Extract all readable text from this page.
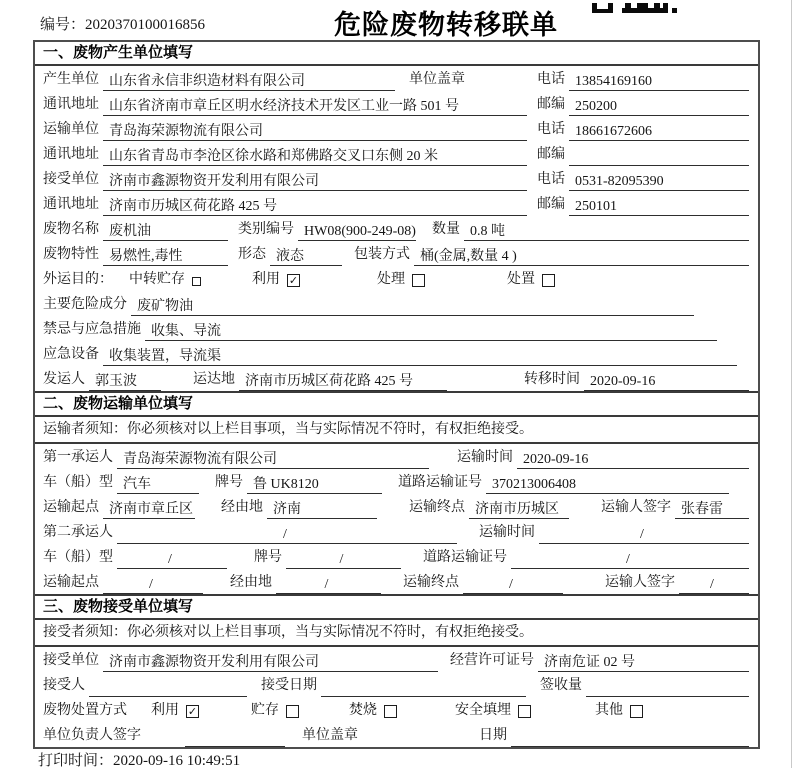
编号：2020370100016856	危险废物转移联单
一、废物产生单位填写
产生单位 山东省永信非织造材料有限公司	单位盖章	电话 13854169160
通讯地址 山东省济南市章丘区明水经济技术开发区工业一路 501 号	邮编 250200
运输单位 青岛海荣源物流有限公司	电话 18661672606
通讯地址 山东省青岛市李沧区徐水路和郑佛路交叉口东侧 20 米	邮编
接受单位 济南市鑫源物资开发利用有限公司	电话 0531-82095390
通讯地址 济南市历城区荷花路 425 号	邮编 250101
废物名称 废机油	类别编号 HW08(900-249-08) 数量 0.8 吨
废物特性 易燃性,毒性	形态 液态	包装方式 桶(金属,数量 4 )
外运目的： 中转贮存	利用 ✓	处理	处置
主要危险成分 废矿物油
禁忌与应急措施 收集、导流
应急设备 收集装置，导流渠
发运人 郭玉波	运达地 济南市历城区荷花路 425 号	转移时间 2020-09-16
二、废物运输单位填写
运输者须知：你必须核对以上栏目事项，当与实际情况不符时，有权拒绝接受。
第一承运人 青岛海荣源物流有限公司	运输时间 2020-09-16
车（船）型 汽车	牌号 鲁 UK8120	道路运输证号 370213006408
运输起点 济南市章丘区 经由地 济南	运输终点 济南市历城区	运输人签字 张春雷
第二承运人	/	运输时间	/
车（船）型	/	牌号	/	道路运输证号	/
运输起点	/	经由地	/	运输终点	/	运输人签字	/
三、废物接受单位填写
接受者须知：你必须核对以上栏目事项，当与实际情况不符时，有权拒绝接受。
接受单位 济南市鑫源物资开发利用有限公司	经营许可证号 济南危证 02 号
接受人	接受日期	签收量
废物处置方式 利用 ✓	贮存	焚烧	安全填埋	其他
单位负责人签字	单位盖章	日期
打印时间：2020-09-16 10:49:51
